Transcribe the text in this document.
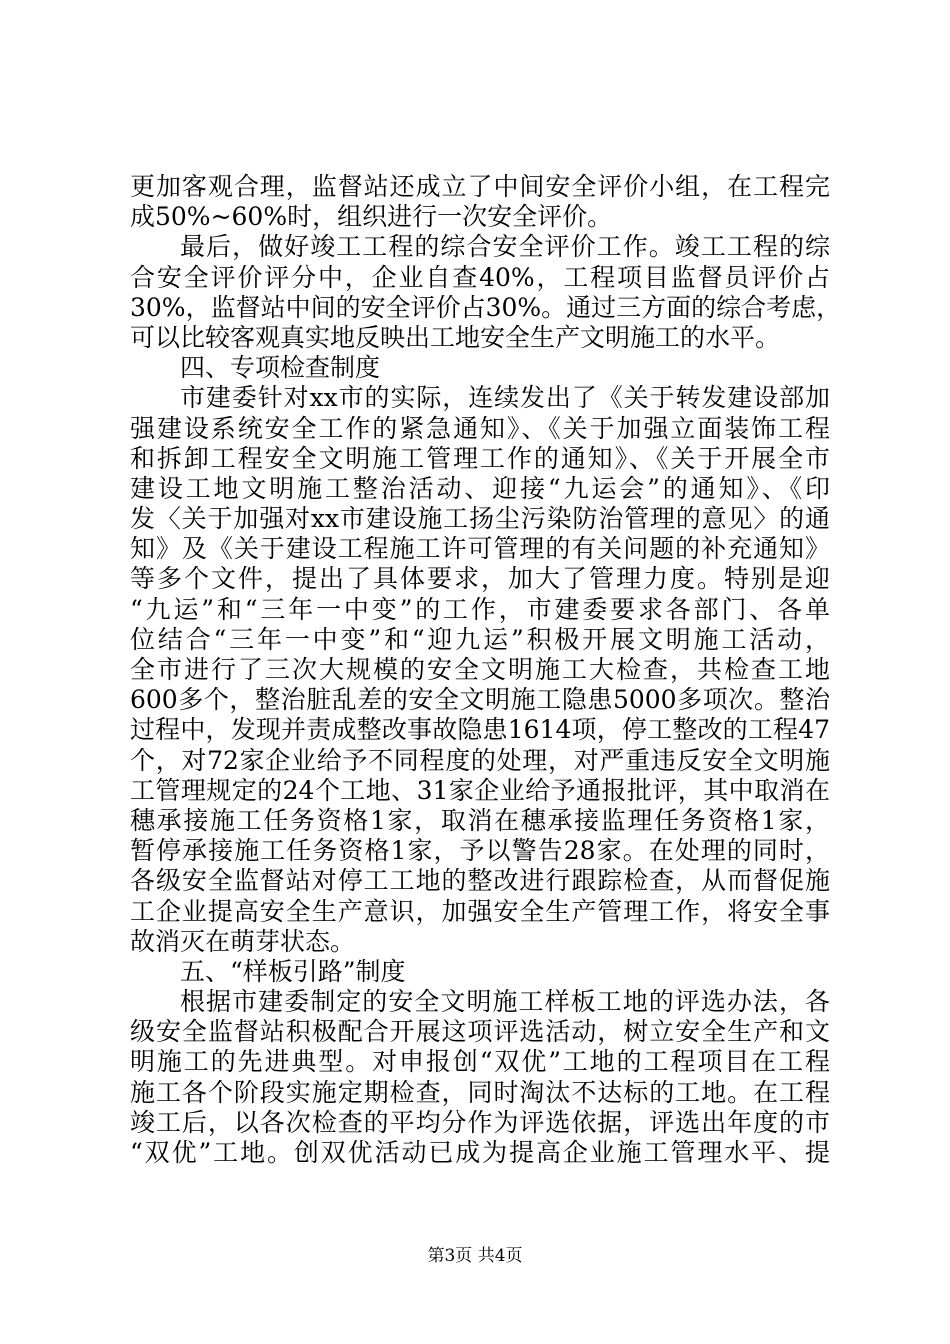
更加客观合理，监督站还成立了中间安全评价小组，在工程完
成50%~60%时，组织进行一次安全评价。
最后，做好竣工工程的综合安全评价工作。竣工工程的综
合安全评价评分中，企业自查40%，工程项目监督员评价占
30%，监督站中间的安全评价占30%。通过三方面的综合考虑，
可以比较客观真实地反映出工地安全生产文明施工的水平。
四、专项检查制度
市建委针对xx市的实际，连续发出了《关于转发建设部加
强建设系统安全工作的紧急通知》、《关于加强立面装饰工程
和拆卸工程安全文明施工管理工作的通知》、《关于开展全市
建设工地文明施工整治活动、迎接“九运会”的通知》、《印
发〈关于加强对xx市建设施工扬尘污染防治管理的意见〉的通
知》及《关于建设工程施工许可管理的有关问题的补充通知》
等多个文件，提出了具体要求，加大了管理力度。特别是迎
“九运”和“三年一中变”的工作，市建委要求各部门、各单
位结合“三年一中变”和“迎九运”积极开展文明施工活动，
全市进行了三次大规模的安全文明施工大检查，共检查工地
600多个，整治脏乱差的安全文明施工隐患5000多项次。整治
过程中，发现并责成整改事故隐患1614项，停工整改的工程47
个，对72家企业给予不同程度的处理，对严重违反安全文明施
工管理规定的24个工地、31家企业给予通报批评，其中取消在
穗承接施工任务资格1家，取消在穗承接监理任务资格1家，
暂停承接施工任务资格1家，予以警告28家。在处理的同时，
各级安全监督站对停工工地的整改进行跟踪检查，从而督促施
工企业提高安全生产意识，加强安全生产管理工作，将安全事
故消灭在萌芽状态。
五、“样板引路”制度
根据市建委制定的安全文明施工样板工地的评选办法，各
级安全监督站积极配合开展这项评选活动，树立安全生产和文
明施工的先进典型。对申报创“双优”工地的工程项目在工程
施工各个阶段实施定期检查，同时淘汰不达标的工地。在工程
竣工后，以各次检查的平均分作为评选依据，评选出年度的市
“双优”工地。创双优活动已成为提高企业施工管理水平、提
第3页 共4页
